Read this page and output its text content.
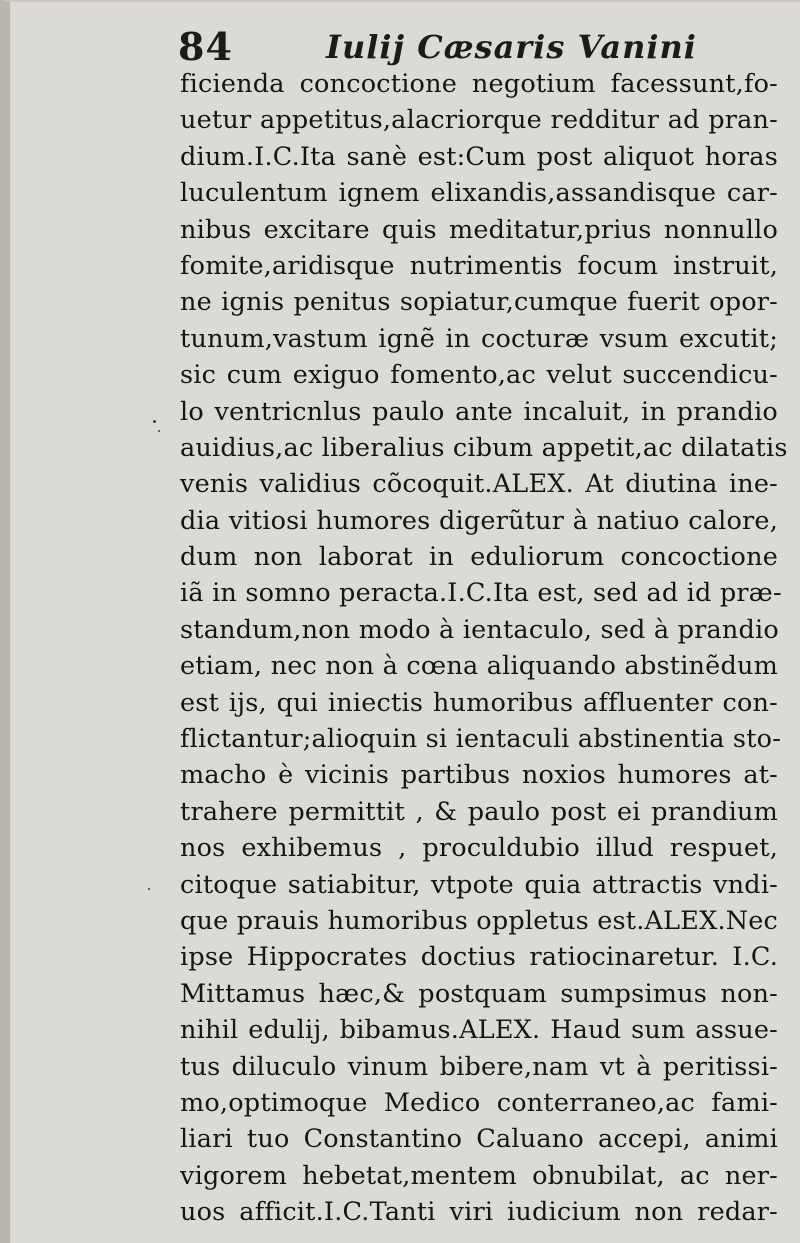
84	Iulij Cæsaris Vanini
ficienda concoctione negotium facessunt,fo-
uetur appetitus,alacriorque redditur ad pran-
dium.I.C.Ita sanè est:Cum post aliquot horas
luculentum ignem elixandis,assandisque car-
nibus excitare quis meditatur,prius nonnullo
fomite,aridisque nutrimentis focum instruit,
ne ignis penitus sopiatur,cumque fuerit opor-
tunum,vastum ignẽ in cocturæ vsum excutit;
sic cum exiguo fomento,ac velut succendicu-
lo ventricnlus paulo ante incaluit, in prandio
auidius,ac liberalius cibum appetit,ac dilatatis
venis validius cõcoquit.ALEX. At diutina ine-
dia vitiosi humores digerũtur à natiuo calore,
dum non laborat in eduliorum concoctione
iã in somno peracta.I.C.Ita est, sed ad id præ-
standum,non modo à ientaculo, sed à prandio
etiam, nec non à cœna aliquando abstinẽdum
est ijs, qui iniectis humoribus affluenter con-
flictantur;alioquin si ientaculi abstinentia sto-
macho è vicinis partibus noxios humores at-
trahere permittit , & paulo post ei prandium
nos exhibemus , proculdubio illud respuet,
citoque satiabitur, vtpote quia attractis vndi-
que prauis humoribus oppletus est.ALEX.Nec
ipse Hippocrates doctius ratiocinaretur. I.C.
Mittamus hæc,& postquam sumpsimus non-
nihil edulij, bibamus.ALEX. Haud sum assue-
tus diluculo vinum bibere,nam vt à peritissi-
mo,optimoque Medico conterraneo,ac fami-
liari tuo Constantino Caluano accepi, animi
vigorem hebetat,mentem obnubilat, ac ner-
uos afficit.I.C.Tanti viri iudicium non redar-
